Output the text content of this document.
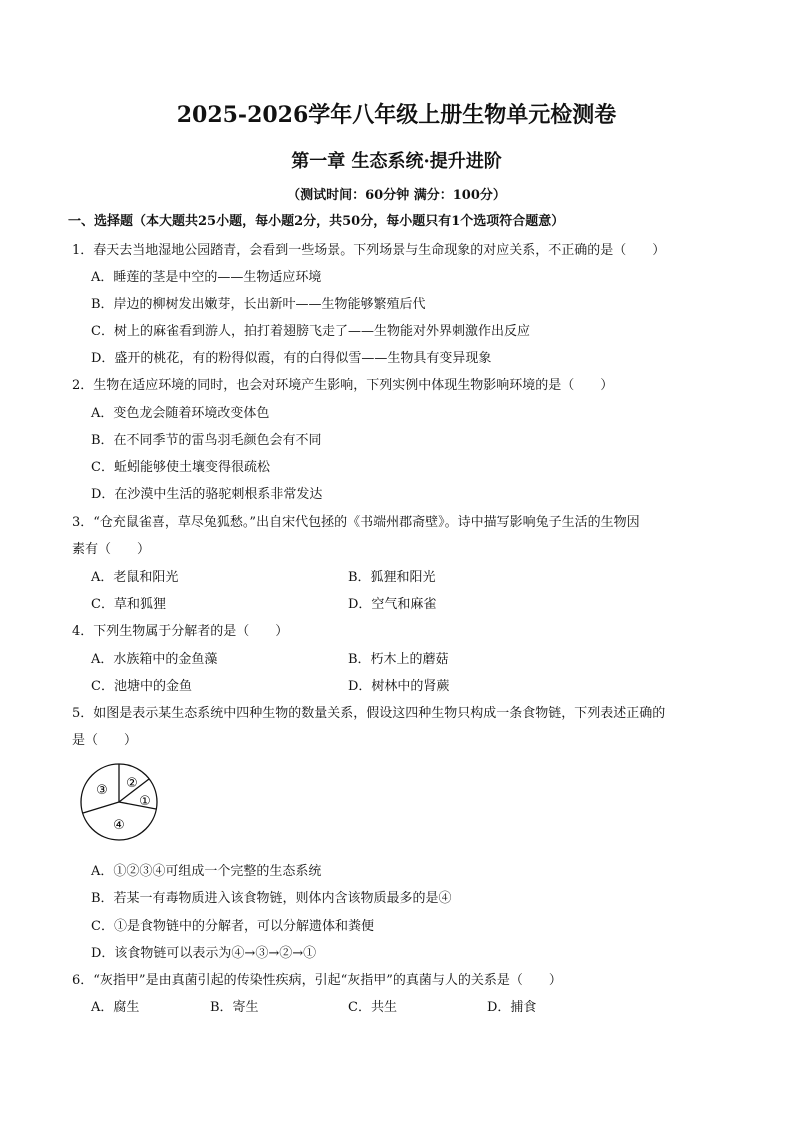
2025-2026学年八年级上册生物单元检测卷
第一章 生态系统·提升进阶
（测试时间：60分钟 满分：100分）
一、选择题（本大题共25小题，每小题2分，共50分，每小题只有1个选项符合题意）
1．春天去当地湿地公园踏青，会看到一些场景。下列场景与生命现象的对应关系，不正确的是（　　）
A．睡莲的茎是中空的——生物适应环境
B．岸边的柳树发出嫩芽，长出新叶——生物能够繁殖后代
C．树上的麻雀看到游人，拍打着翅膀飞走了——生物能对外界刺激作出反应
D．盛开的桃花，有的粉得似霞，有的白得似雪——生物具有变异现象
2．生物在适应环境的同时，也会对环境产生影响，下列实例中体现生物影响环境的是（　　）
A．变色龙会随着环境改变体色
B．在不同季节的雷鸟羽毛颜色会有不同
C．蚯蚓能够使土壤变得很疏松
D．在沙漠中生活的骆驼刺根系非常发达
3．“仓充鼠雀喜，草尽兔狐愁。”出自宋代包拯的《书端州郡斋壁》。诗中描写影响兔子生活的生物因
素有（　　）
A．老鼠和阳光	B．狐狸和阳光
C．草和狐狸	D．空气和麻雀
4．下列生物属于分解者的是（　　）
A．水族箱中的金鱼藻	B．朽木上的蘑菇
C．池塘中的金鱼	D．树林中的肾蕨
5．如图是表示某生态系统中四种生物的数量关系，假设这四种生物只构成一条食物链，下列表述正确的
是（　　）
③ ②
①
④
A．①②③④可组成一个完整的生态系统
B．若某一有毒物质进入该食物链，则体内含该物质最多的是④
C．①是食物链中的分解者，可以分解遗体和粪便
D．该食物链可以表示为④→③→②→①
6．“灰指甲”是由真菌引起的传染性疾病，引起“灰指甲”的真菌与人的关系是（　　）
A．腐生	B．寄生	C．共生	D．捕食
